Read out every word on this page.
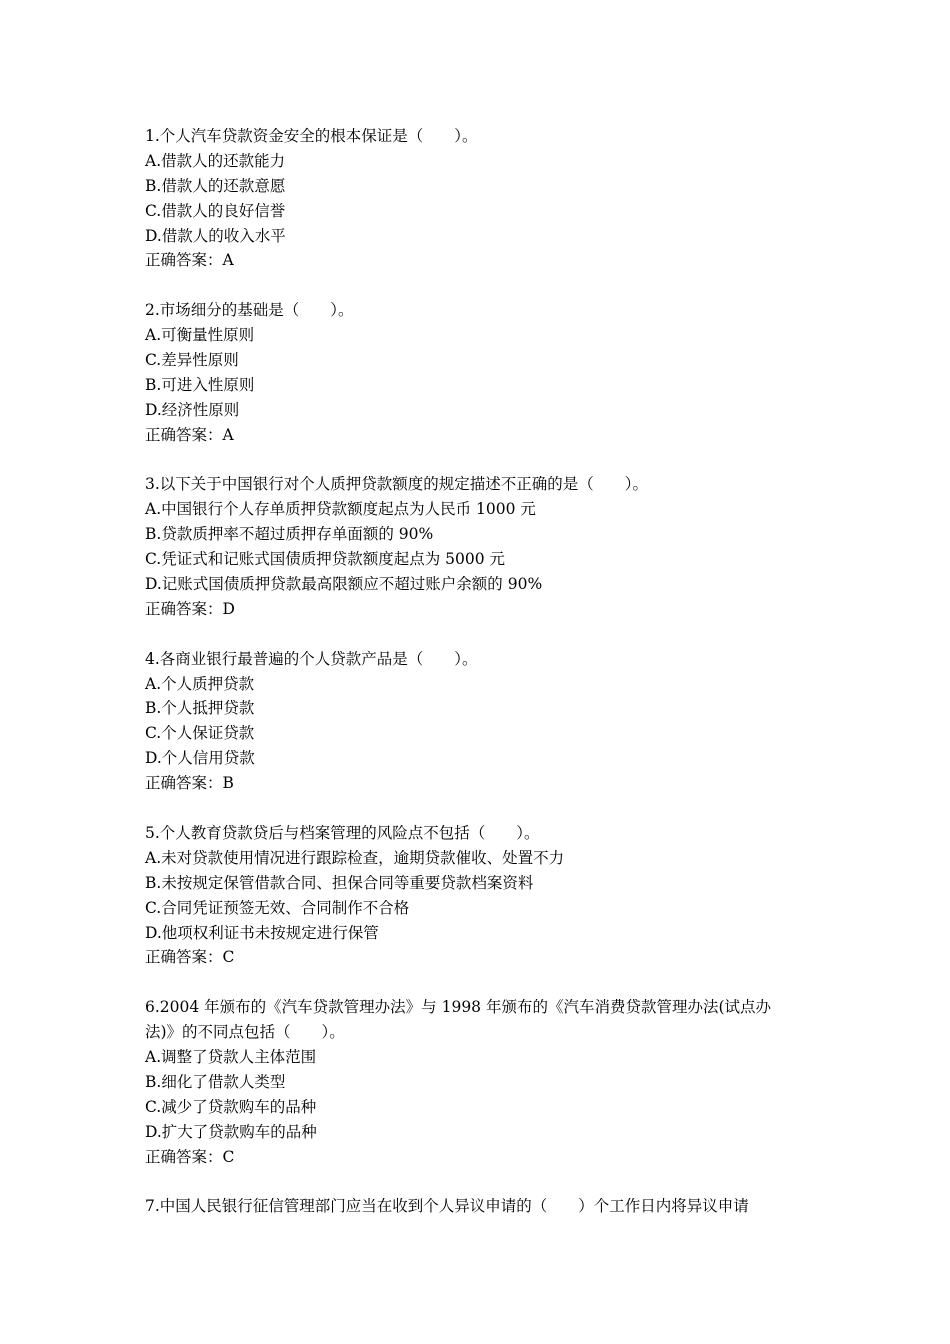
1.个人汽车贷款资金安全的根本保证是（　　）。
A.借款人的还款能力
B.借款人的还款意愿
C.借款人的良好信誉
D.借款人的收入水平
正确答案：A
2.市场细分的基础是（　　）。
A.可衡量性原则
C.差异性原则
B.可进入性原则
D.经济性原则
正确答案：A
3.以下关于中国银行对个人质押贷款额度的规定描述不正确的是（　　）。
A.中国银行个人存单质押贷款额度起点为人民币 1000 元
B.贷款质押率不超过质押存单面额的 90%
C.凭证式和记账式国债质押贷款额度起点为 5000 元
D.记账式国债质押贷款最高限额应不超过账户余额的 90%
正确答案：D
4.各商业银行最普遍的个人贷款产品是（　　）。
A.个人质押贷款
B.个人抵押贷款
C.个人保证贷款
D.个人信用贷款
正确答案：B
5.个人教育贷款贷后与档案管理的风险点不包括（　　）。
A.未对贷款使用情况进行跟踪检查，逾期贷款催收、处置不力
B.未按规定保管借款合同、担保合同等重要贷款档案资料
C.合同凭证预签无效、合同制作不合格
D.他项权利证书未按规定进行保管
正确答案：C
6.2004 年颁布的《汽车贷款管理办法》与 1998 年颁布的《汽车消费贷款管理办法(试点办
法)》的不同点包括（　　）。
A.调整了贷款人主体范围
B.细化了借款人类型
C.减少了贷款购车的品种
D.扩大了贷款购车的品种
正确答案：C
7.中国人民银行征信管理部门应当在收到个人异议申请的（　　）个工作日内将异议申请
